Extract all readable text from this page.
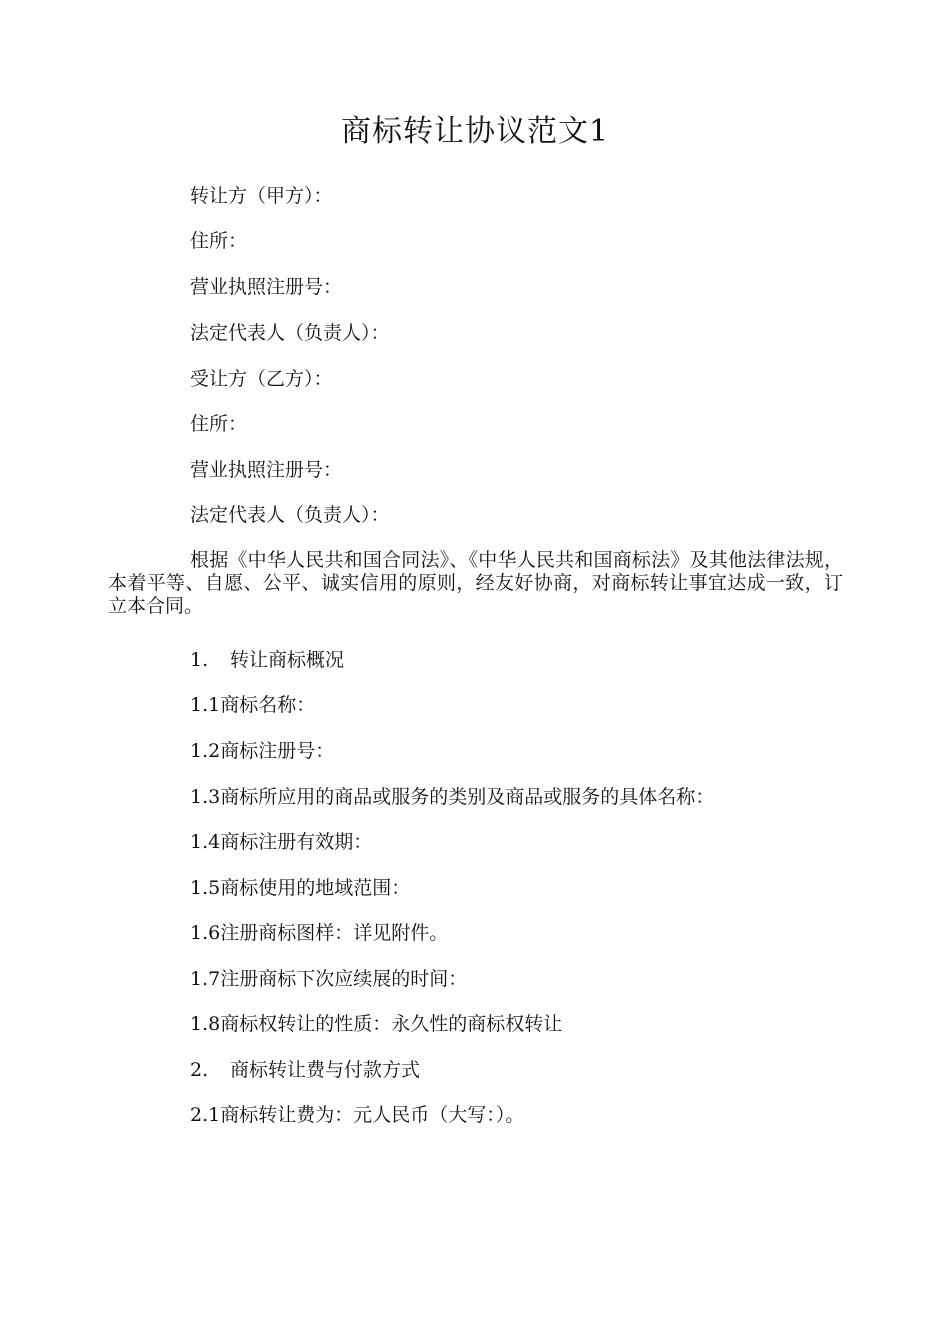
商标转让协议范文1
转让方（甲方）：
住所：
营业执照注册号：
法定代表人（负责人）：
受让方（乙方）：
住所：
营业执照注册号：
法定代表人（负责人）：
根据《中华人民共和国合同法》、《中华人民共和国商标法》及其他法律法规，本着平等、自愿、公平、诚实信用的原则，经友好协商，对商标转让事宜达成一致，订立本合同。
1. 转让商标概况
1.1商标名称：
1.2商标注册号：
1.3商标所应用的商品或服务的类别及商品或服务的具体名称：
1.4商标注册有效期：
1.5商标使用的地域范围：
1.6注册商标图样：详见附件。
1.7注册商标下次应续展的时间：
1.8商标权转让的性质：永久性的商标权转让
2. 商标转让费与付款方式
2.1商标转让费为：元人民币（大写：）。
